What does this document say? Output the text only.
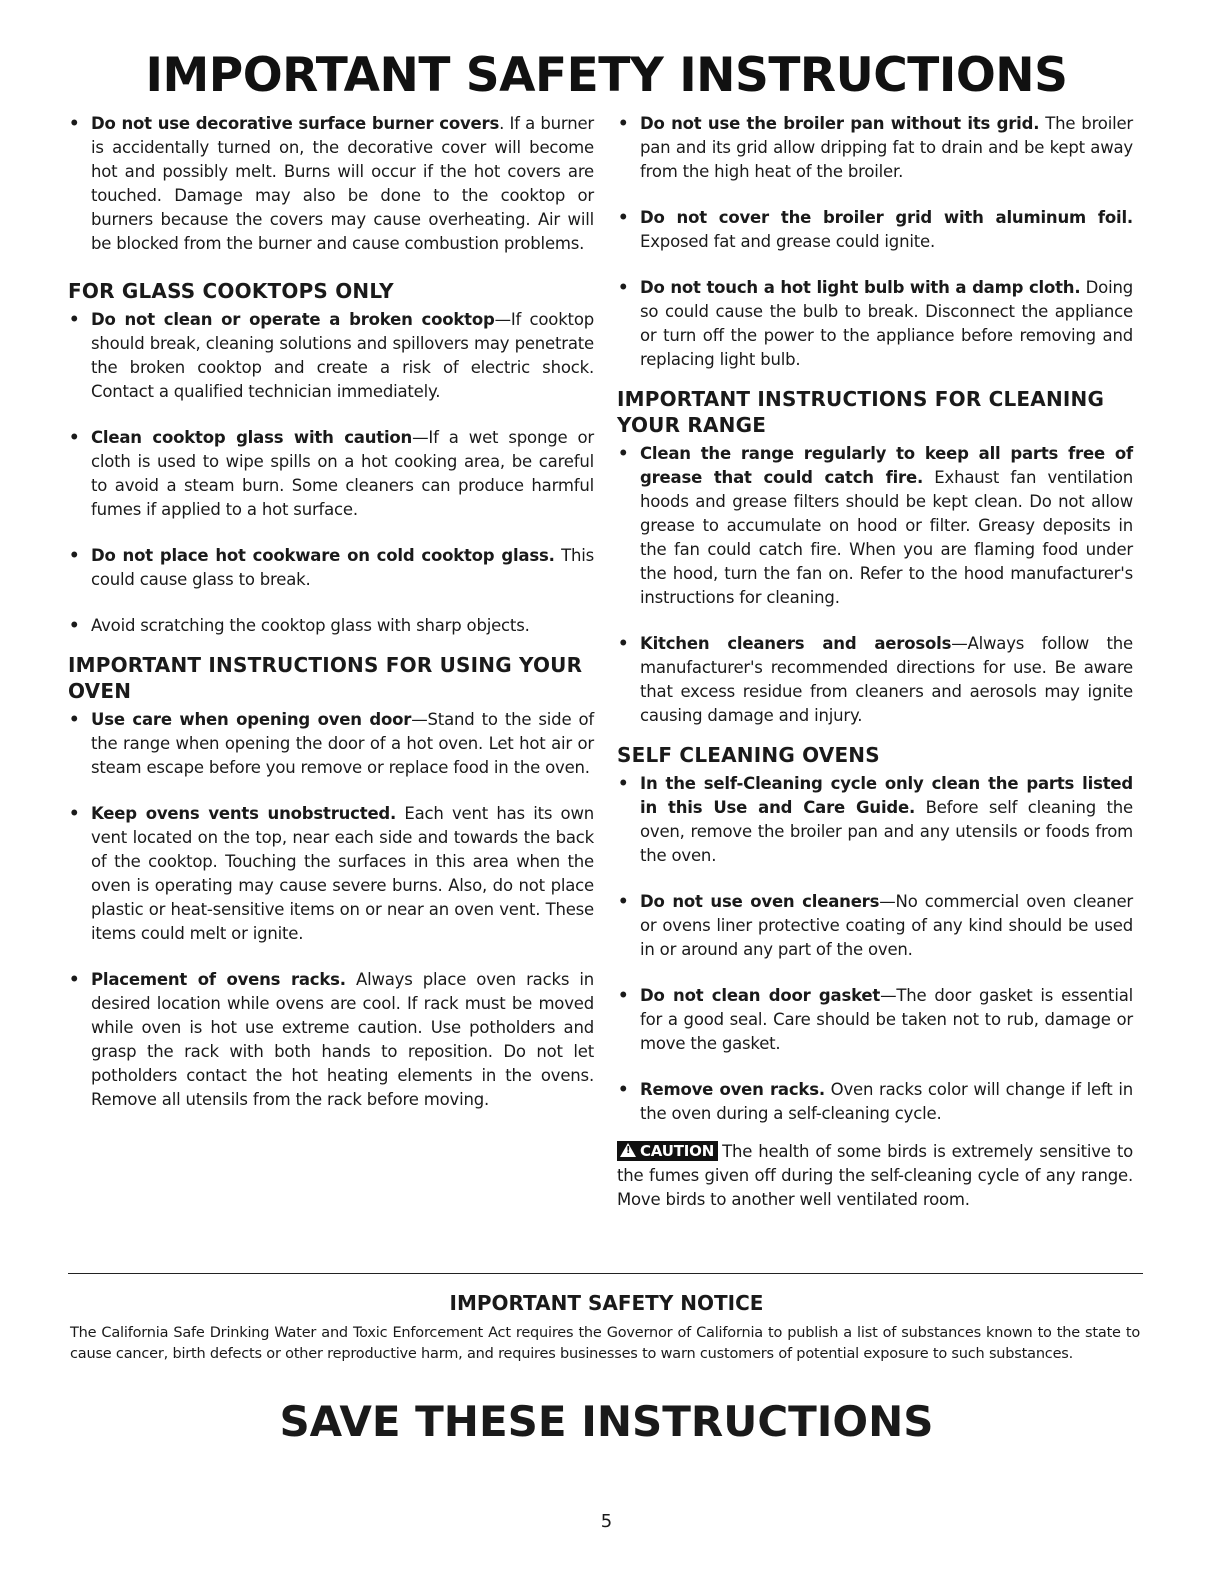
IMPORTANT SAFETY INSTRUCTIONS
• Do not use decorative surface burner covers. If a burner is accidentally turned on, the decorative cover will become hot and possibly melt. Burns will occur if the hot covers are touched. Damage may also be done to the cooktop or burners because the covers may cause overheating. Air will be blocked from the burner and cause combustion problems.
FOR GLASS COOKTOPS ONLY
• Do not clean or operate a broken cooktop—If cooktop should break, cleaning solutions and spillovers may penetrate the broken cooktop and create a risk of electric shock. Contact a qualified technician immediately.
• Clean cooktop glass with caution—If a wet sponge or cloth is used to wipe spills on a hot cooking area, be careful to avoid a steam burn. Some cleaners can produce harmful fumes if applied to a hot surface.
• Do not place hot cookware on cold cooktop glass. This could cause glass to break.
• Avoid scratching the cooktop glass with sharp objects.
IMPORTANT INSTRUCTIONS FOR USING YOUR OVEN
• Use care when opening oven door—Stand to the side of the range when opening the door of a hot oven. Let hot air or steam escape before you remove or replace food in the oven.
• Keep ovens vents unobstructed. Each vent has its own vent located on the top, near each side and towards the back of the cooktop. Touching the surfaces in this area when the oven is operating may cause severe burns. Also, do not place plastic or heat-sensitive items on or near an oven vent. These items could melt or ignite.
• Placement of ovens racks. Always place oven racks in desired location while ovens are cool. If rack must be moved while oven is hot use extreme caution. Use potholders and grasp the rack with both hands to reposition. Do not let potholders contact the hot heating elements in the ovens. Remove all utensils from the rack before moving.
• Do not use the broiler pan without its grid. The broiler pan and its grid allow dripping fat to drain and be kept away from the high heat of the broiler.
• Do not cover the broiler grid with aluminum foil. Exposed fat and grease could ignite.
• Do not touch a hot light bulb with a damp cloth. Doing so could cause the bulb to break. Disconnect the appliance or turn off the power to the appliance before removing and replacing light bulb.
IMPORTANT INSTRUCTIONS FOR CLEANING YOUR RANGE
• Clean the range regularly to keep all parts free of grease that could catch fire. Exhaust fan ventilation hoods and grease filters should be kept clean. Do not allow grease to accumulate on hood or filter. Greasy deposits in the fan could catch fire. When you are flaming food under the hood, turn the fan on. Refer to the hood manufacturer's instructions for cleaning.
• Kitchen cleaners and aerosols—Always follow the manufacturer's recommended directions for use. Be aware that excess residue from cleaners and aerosols may ignite causing damage and injury.
SELF CLEANING OVENS
• In the self-Cleaning cycle only clean the parts listed in this Use and Care Guide. Before self cleaning the oven, remove the broiler pan and any utensils or foods from the oven.
• Do not use oven cleaners—No commercial oven cleaner or ovens liner protective coating of any kind should be used in or around any part of the oven.
• Do not clean door gasket—The door gasket is essential for a good seal. Care should be taken not to rub, damage or move the gasket.
• Remove oven racks. Oven racks color will change if left in the oven during a self-cleaning cycle.
! CAUTION The health of some birds is extremely sensitive to the fumes given off during the self-cleaning cycle of any range. Move birds to another well ventilated room.
IMPORTANT SAFETY NOTICE
The California Safe Drinking Water and Toxic Enforcement Act requires the Governor of California to publish a list of substances known to the state to cause cancer, birth defects or other reproductive harm, and requires businesses to warn customers of potential exposure to such substances.
SAVE THESE INSTRUCTIONS
5
